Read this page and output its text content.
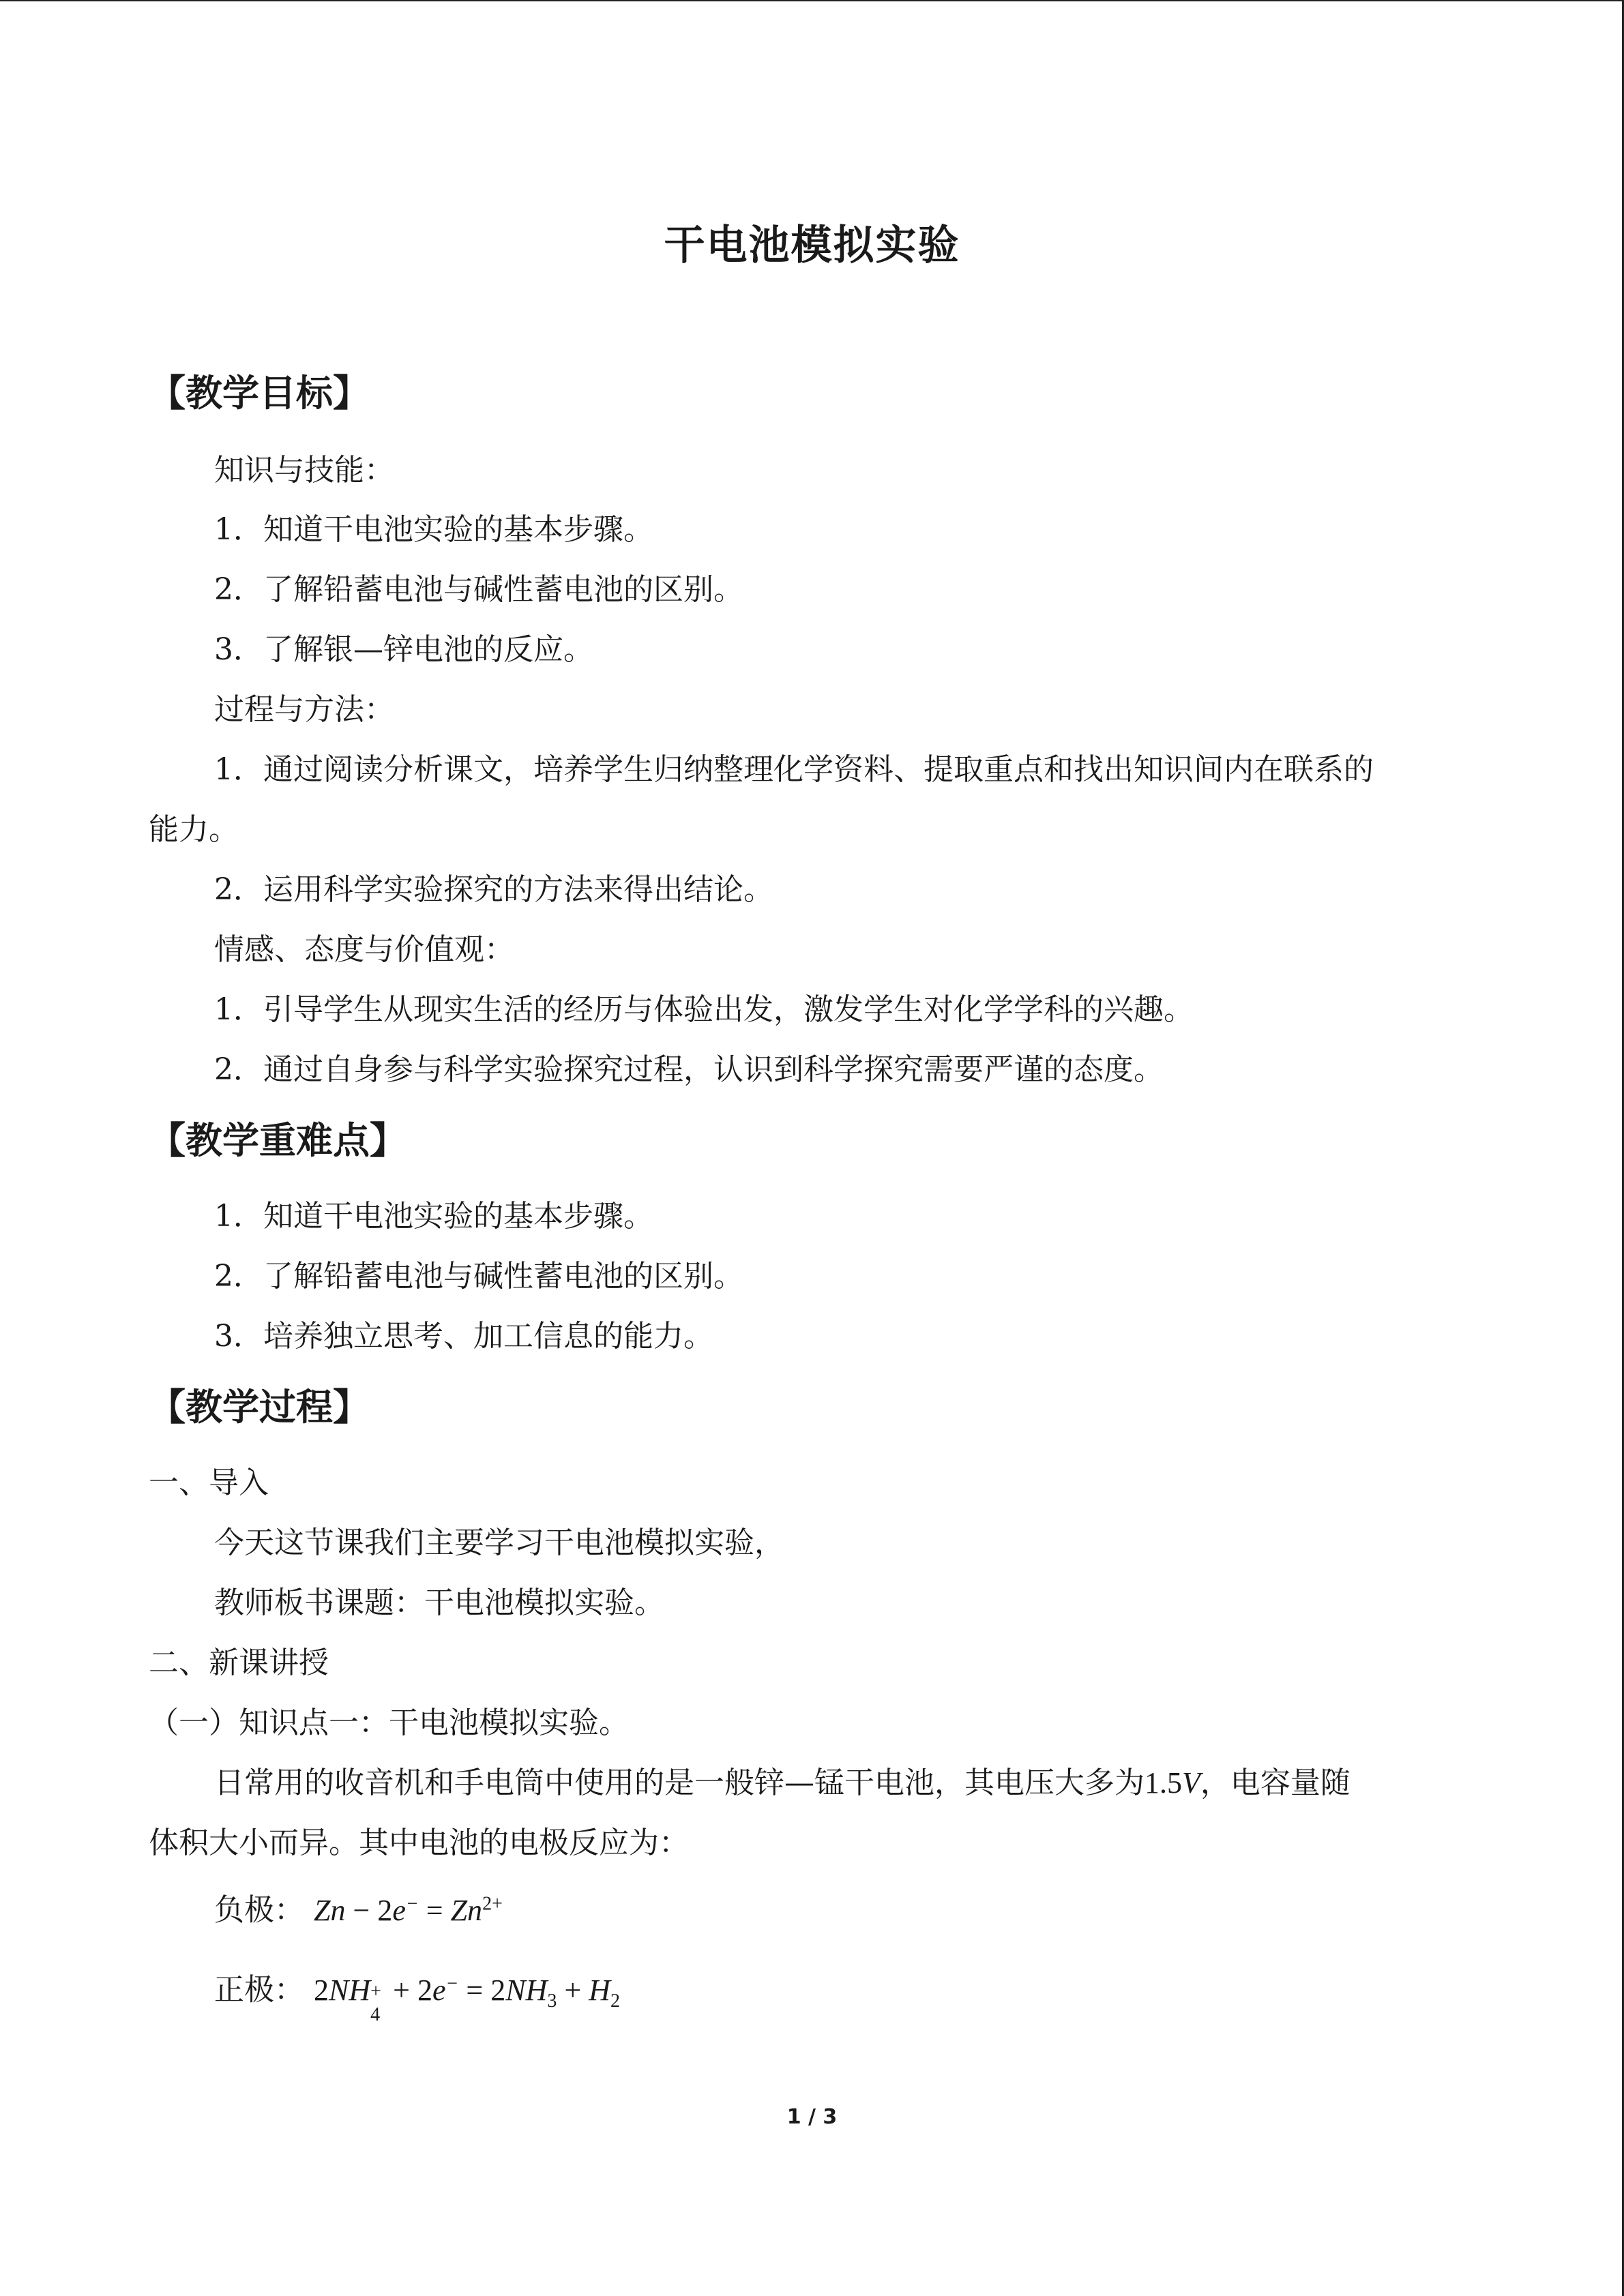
干电池模拟实验
【教学目标】
知识与技能：
1．知道干电池实验的基本步骤。
2．了解铅蓄电池与碱性蓄电池的区别。
3．了解银—锌电池的反应。
过程与方法：
1．通过阅读分析课文，培养学生归纳整理化学资料、提取重点和找出知识间内在联系的
能力。
2．运用科学实验探究的方法来得出结论。
情感、态度与价值观：
1．引导学生从现实生活的经历与体验出发，激发学生对化学学科的兴趣。
2．通过自身参与科学实验探究过程，认识到科学探究需要严谨的态度。
【教学重难点】
1．知道干电池实验的基本步骤。
2．了解铅蓄电池与碱性蓄电池的区别。
3．培养独立思考、加工信息的能力。
【教学过程】
一、导入
今天这节课我们主要学习干电池模拟实验，
教师板书课题：干电池模拟实验。
二、新课讲授
（一）知识点一：干电池模拟实验。
日常用的收音机和手电筒中使用的是一般锌—锰干电池，其电压大多为1.5V，电容量随
体积大小而异。其中电池的电极反应为：
负极： $Zn - 2e^- = Zn^{2+}$
正极： 2NH +
4
+ $2e^- = 2NH_3 + H_2$
1 / 3
